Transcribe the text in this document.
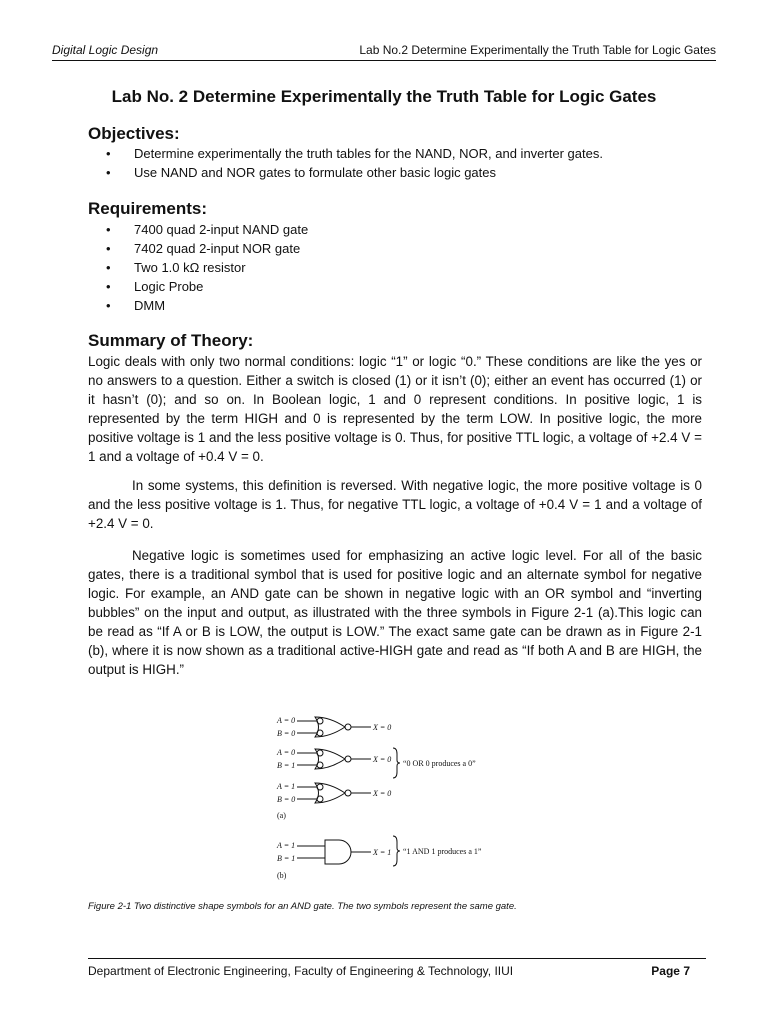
Digital Logic Design	Lab No.2 Determine Experimentally the Truth Table for Logic Gates
Lab No. 2 Determine Experimentally the Truth Table for Logic Gates
Objectives:
• Determine experimentally the truth tables for the NAND, NOR, and inverter gates.
• Use NAND and NOR gates to formulate other basic logic gates
Requirements:
• 7400 quad 2-input NAND gate
• 7402 quad 2-input NOR gate
• Two 1.0 kΩ resistor
• Logic Probe
• DMM
Summary of Theory:
Logic deals with only two normal conditions: logic “1” or logic “0.” These conditions are like the yes or no answers to a question. Either a switch is closed (1) or it isn’t (0); either an event has occurred (1) or it hasn’t (0); and so on. In Boolean logic, 1 and 0 represent conditions. In positive logic, 1 is represented by the term HIGH and 0 is represented by the term LOW. In positive logic, the more positive voltage is 1 and the less positive voltage is 0. Thus, for positive TTL logic, a voltage of +2.4 V = 1 and a voltage of +0.4 V = 0.
In some systems, this definition is reversed. With negative logic, the more positive voltage is 0 and the less positive voltage is 1. Thus, for negative TTL logic, a voltage of +0.4 V = 1 and a voltage of +2.4 V = 0.
Negative logic is sometimes used for emphasizing an active logic level. For all of the basic gates, there is a traditional symbol that is used for positive logic and an alternate symbol for negative logic. For example, an AND gate can be shown in negative logic with an OR symbol and “inverting bubbles” on the input and output, as illustrated with the three symbols in Figure 2-1 (a).This logic can be read as “If A or B is LOW, the output is LOW.” The exact same gate can be drawn as in Figure 2-1 (b), where it is now shown as a traditional active-HIGH gate and read as “If both A and B are HIGH, the output is HIGH.”
A = 0
B = 0
X = 0
A = 0
B = 1
X = 0
A = 1
B = 0
X = 0
“0 OR 0 produces a 0”
(a)
A = 1
B = 1
X = 1 “1 AND 1 produces a 1”
(b)
Figure 2-1 Two distinctive shape symbols for an AND gate. The two symbols represent the same gate.
Department of Electronic Engineering, Faculty of Engineering & Technology, IIUI	Page 7
